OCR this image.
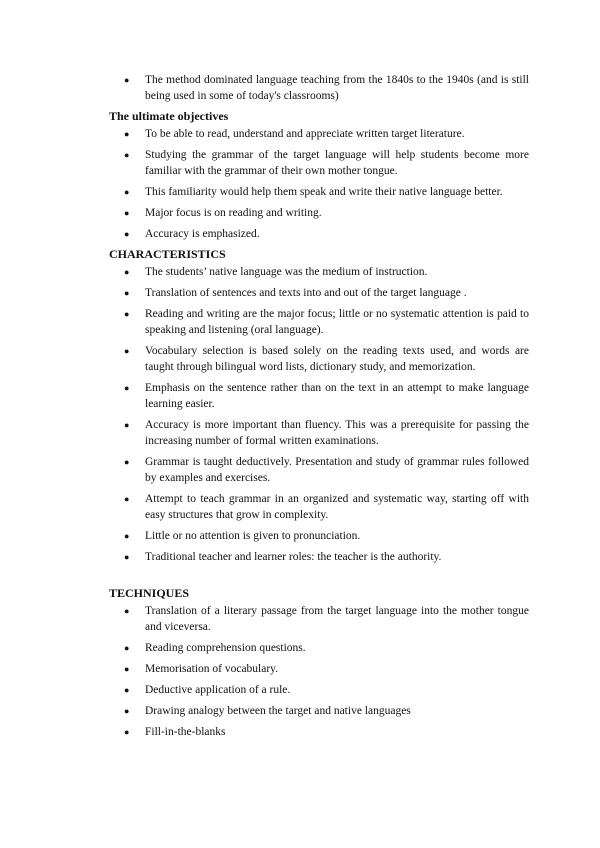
● The method dominated language teaching from the 1840s to the 1940s (and is still being used in some of today's classrooms)
The ultimate objectives
● To be able to read, understand and appreciate written target literature.
● Studying the grammar of the target language will help students become more familiar with the grammar of their own mother tongue.
● This familiarity would help them speak and write their native language better.
● Major focus is on reading and writing.
● Accuracy is emphasized.
CHARACTERISTICS
● The students’ native language was the medium of instruction.
● Translation of sentences and texts into and out of the target language .
● Reading and writing are the major focus; little or no systematic attention is paid to speaking and listening (oral language).
● Vocabulary selection is based solely on the reading texts used, and words are taught through bilingual word lists, dictionary study, and memorization.
● Emphasis on the sentence rather than on the text in an attempt to make language learning easier.
● Accuracy is more important than fluency. This was a prerequisite for passing the increasing number of formal written examinations.
● Grammar is taught deductively. Presentation and study of grammar rules followed by examples and exercises.
● Attempt to teach grammar in an organized and systematic way, starting off with easy structures that grow in complexity.
● Little or no attention is given to pronunciation.
● Traditional teacher and learner roles: the teacher is the authority.
TECHNIQUES
● Translation of a literary passage from the target language into the mother tongue and viceversa.
● Reading comprehension questions.
● Memorisation of vocabulary.
● Deductive application of a rule.
● Drawing analogy between the target and native languages
● Fill-in-the-blanks
